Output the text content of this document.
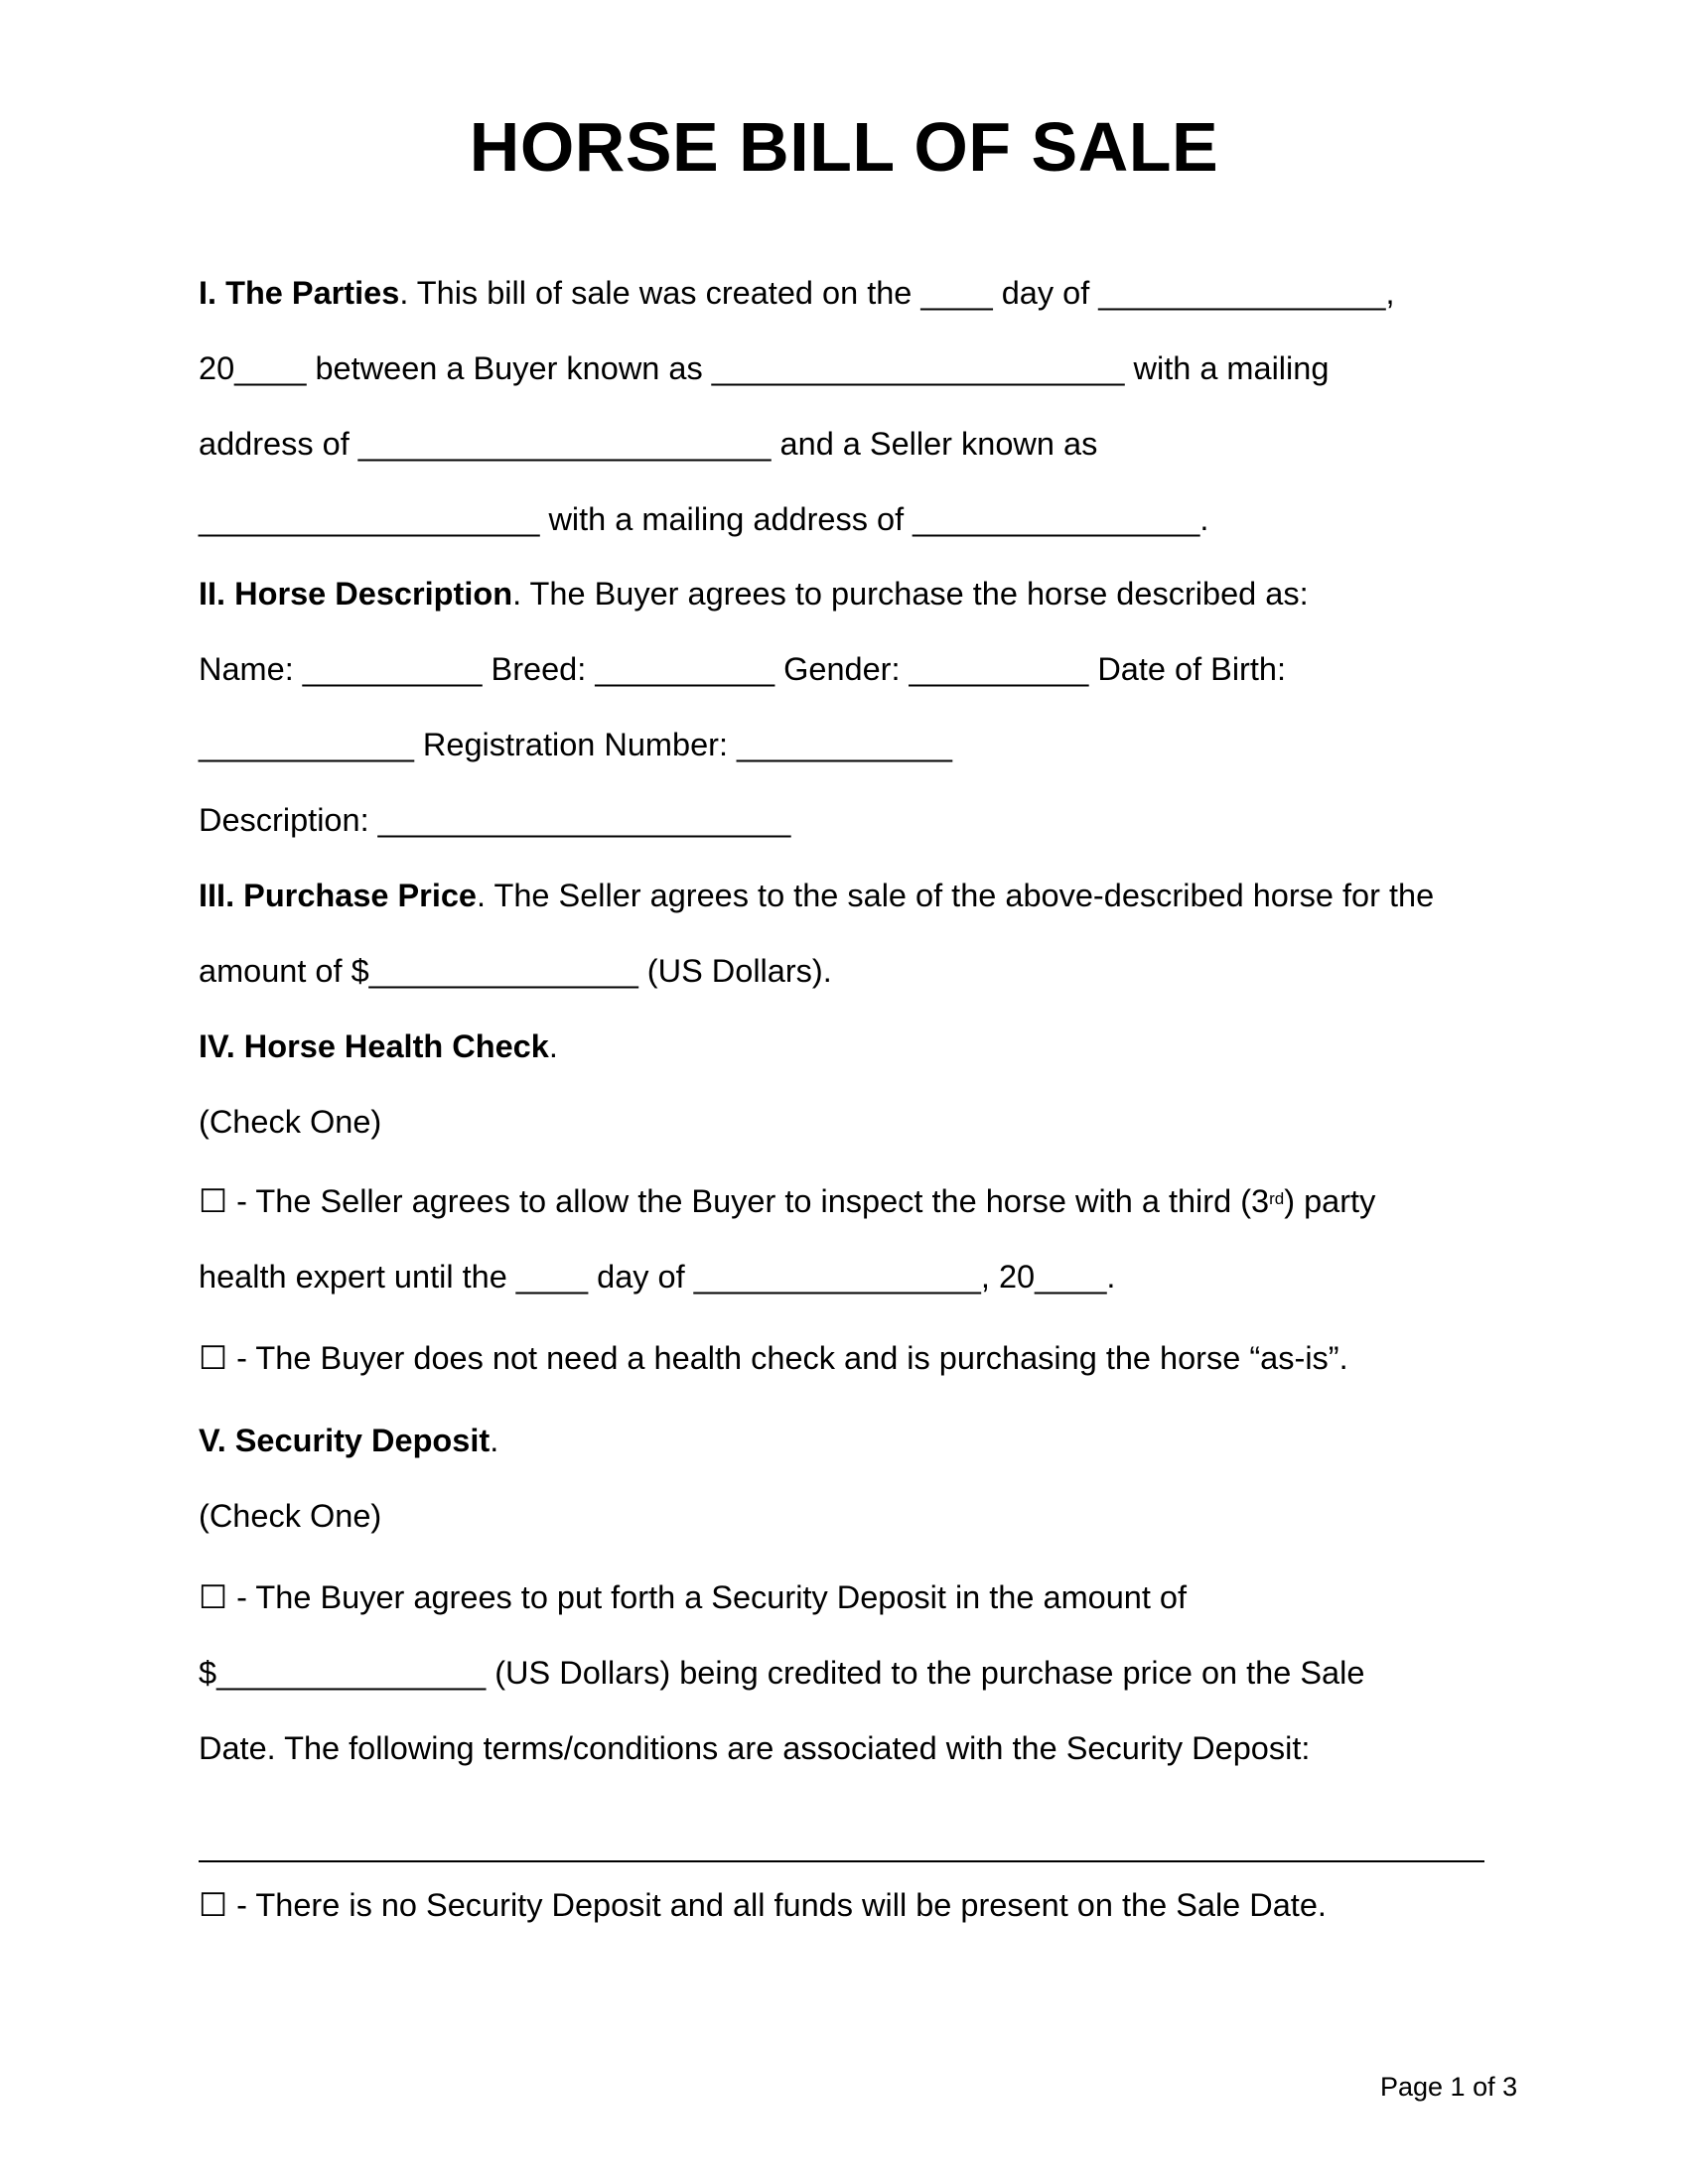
HORSE BILL OF SALE
I. The Parties. This bill of sale was created on the ____ day of ________________,
20____ between a Buyer known as _______________________ with a mailing
address of _______________________ and a Seller known as
___________________ with a mailing address of ________________.
II. Horse Description. The Buyer agrees to purchase the horse described as:
Name: __________ Breed: __________ Gender: __________ Date of Birth:
____________ Registration Number: ____________
Description: _______________________
III. Purchase Price. The Seller agrees to the sale of the above-described horse for the
amount of $_______________ (US Dollars).
IV. Horse Health Check.
(Check One)
☐ - The Seller agrees to allow the Buyer to inspect the horse with a third (3rd) party
health expert until the ____ day of ________________, 20____.
☐ - The Buyer does not need a health check and is purchasing the horse “as-is”.
V. Security Deposit.
(Check One)
☐ - The Buyer agrees to put forth a Security Deposit in the amount of
$_______________ (US Dollars) being credited to the purchase price on the Sale
Date. The following terms/conditions are associated with the Security Deposit:
☐ - There is no Security Deposit and all funds will be present on the Sale Date.
Page 1 of 3
